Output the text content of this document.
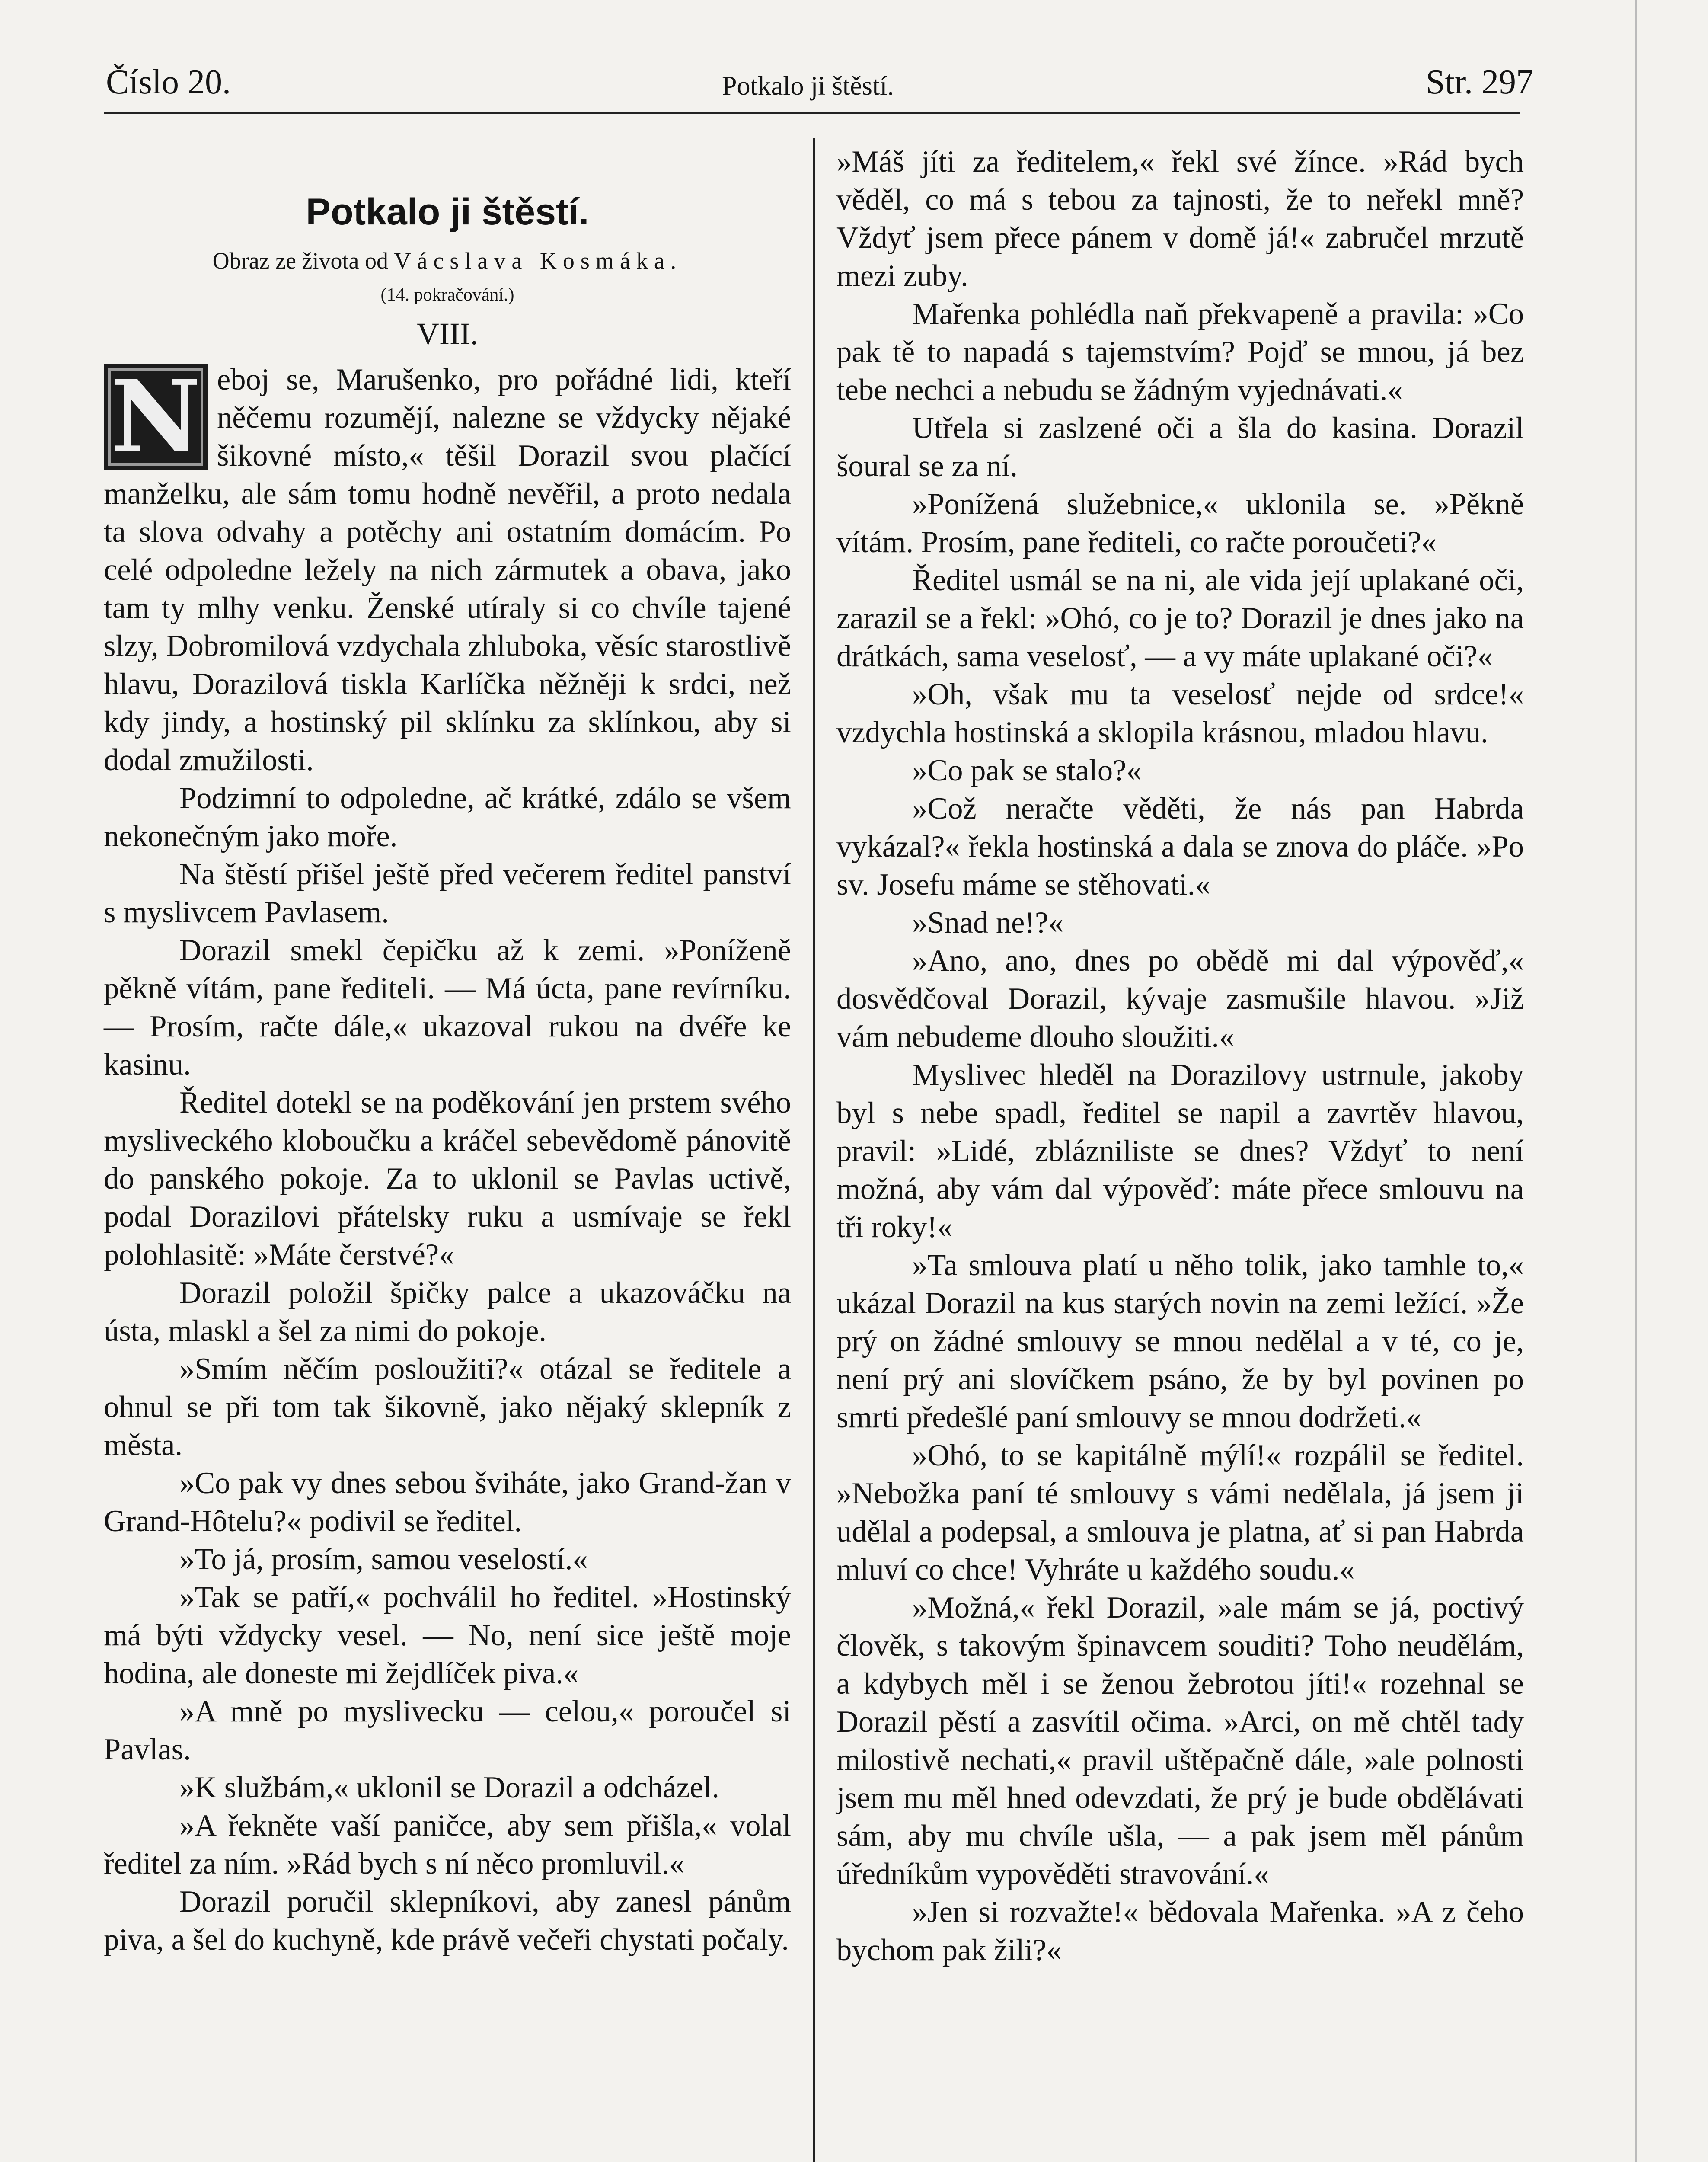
Číslo 20.	Potkalo ji štěstí.	Str. 297
Potkalo ji štěstí.
Obraz ze života od Vácslava Kosmáka.
(14. pokračování.)
VIII.

N eboj se, Marušenko, pro pořádné lidi, kteří něčemu rozumějí, nalezne se vždycky nějaké šikovné místo,« těšil Dorazil svou plačící manželku, ale sám tomu hodně nevěřil, a proto nedala ta slova odvahy a potěchy ani ostatním domácím. Po celé odpoledne ležely na nich zármutek a obava, jako tam ty mlhy venku. Ženské utíraly si co chvíle tajené slzy, Dobromilová vzdychala zhluboka, věsíc starostlivě hlavu, Dorazilová tiskla Karlíčka něžněji k srdci, než kdy jindy, a hostinský pil sklínku za sklínkou, aby si dodal zmužilosti.

Podzimní to odpoledne, ač krátké, zdálo se všem nekonečným jako moře.

Na štěstí přišel ještě před večerem ředitel panství s myslivcem Pavlasem.

Dorazil smekl čepičku až k zemi. »Poníženě pěkně vítám, pane řediteli. — Má úcta, pane revírníku. — Prosím, račte dále,« ukazoval rukou na dvéře ke kasinu.

Ředitel dotekl se na poděkování jen prstem svého mysliveckého kloboučku a kráčel sebevědomě pánovitě do panského pokoje. Za to uklonil se Pavlas uctivě, podal Dorazilovi přátelsky ruku a usmívaje se řekl polohlasitě: »Máte čerstvé?«

Dorazil položil špičky palce a ukazováčku na ústa, mlaskl a šel za nimi do pokoje.

»Smím něčím posloužiti?« otázal se ředitele a ohnul se při tom tak šikovně, jako nějaký sklepník z města.

»Co pak vy dnes sebou šviháte, jako Grand-žan v Grand-Hôtelu?« podivil se ředitel.

»To já, prosím, samou veselostí.«

»Tak se patří,« pochválil ho ředitel. »Hostinský má býti vždycky vesel. — No, není sice ještě moje hodina, ale doneste mi žejdlíček piva.«

»A mně po myslivecku — celou,« poroučel si Pavlas.

»K službám,« uklonil se Dorazil a odcházel.

»A řekněte vaší paničce, aby sem přišla,« volal ředitel za ním. »Rád bych s ní něco promluvil.«

Dorazil poručil sklepníkovi, aby zanesl pánům piva, a šel do kuchyně, kde právě večeři chystati počaly.

»Máš jíti za ředitelem,« řekl své žínce. »Rád bych věděl, co má s tebou za tajnosti, že to neřekl mně? Vždyť jsem přece pánem v domě já!« zabručel mrzutě mezi zuby.

Mařenka pohlédla naň překvapeně a pravila: »Co pak tě to napadá s tajemstvím? Pojď se mnou, já bez tebe nechci a nebudu se žádným vyjednávati.«

Utřela si zaslzené oči a šla do kasina. Dorazil šoural se za ní.

»Ponížená služebnice,« uklonila se. »Pěkně vítám. Prosím, pane řediteli, co račte poroučeti?«

Ředitel usmál se na ni, ale vida její uplakané oči, zarazil se a řekl: »Ohó, co je to? Dorazil je dnes jako na drátkách, sama veselosť, — a vy máte uplakané oči?«

»Oh, však mu ta veselosť nejde od srdce!« vzdychla hostinská a sklopila krásnou, mladou hlavu.

»Co pak se stalo?«

»Což neračte věděti, že nás pan Habrda vykázal?« řekla hostinská a dala se znova do pláče. »Po sv. Josefu máme se stěhovati.«

»Snad ne!?«

»Ano, ano, dnes po obědě mi dal výpověď,« dosvědčoval Dorazil, kývaje zasmušile hlavou. »Již vám nebudeme dlouho sloužiti.«

Myslivec hleděl na Dorazilovy ustrnule, jakoby byl s nebe spadl, ředitel se napil a zavrtěv hlavou, pravil: »Lidé, zblázniliste se dnes? Vždyť to není možná, aby vám dal výpověď: máte přece smlouvu na tři roky!«

»Ta smlouva platí u něho tolik, jako tamhle to,« ukázal Dorazil na kus starých novin na zemi ležící. »Že prý on žádné smlouvy se mnou nedělal a v té, co je, není prý ani slovíčkem psáno, že by byl povinen po smrti předešlé paní smlouvy se mnou dodržeti.«

»Ohó, to se kapitálně mýlí!« rozpálil se ředitel. »Nebožka paní té smlouvy s vámi nedělala, já jsem ji udělal a podepsal, a smlouva je platna, ať si pan Habrda mluví co chce! Vyhráte u každého soudu.«

»Možná,« řekl Dorazil, »ale mám se já, poctivý člověk, s takovým špinavcem souditi? Toho neudělám, a kdybych měl i se ženou žebrotou jíti!« rozehnal se Dorazil pěstí a zasvítil očima. »Arci, on mě chtěl tady milostivě nechati,« pravil uštěpačně dále, »ale polnosti jsem mu měl hned odevzdati, že prý je bude obdělávati sám, aby mu chvíle ušla, — a pak jsem měl pánům úředníkům vypověděti stravování.«

»Jen si rozvažte!« bědovala Mařenka. »A z čeho bychom pak žili?«
